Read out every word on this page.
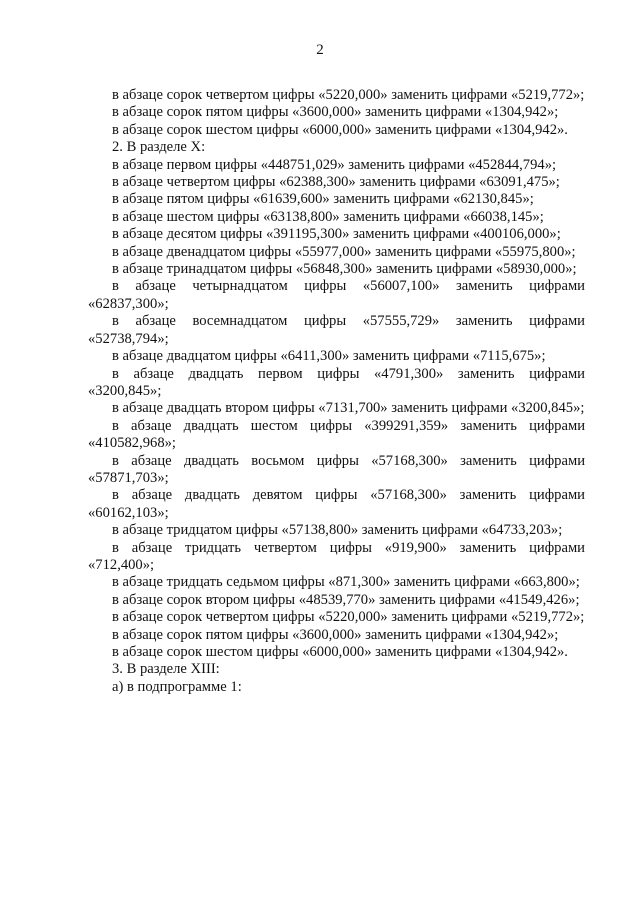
2

в абзаце сорок четвертом цифры «5220,000» заменить цифрами «5219,772»;

в абзаце сорок пятом цифры «3600,000» заменить цифрами «1304,942»;

в абзаце сорок шестом цифры «6000,000» заменить цифрами «1304,942».

2. В разделе X:

в абзаце первом цифры «448751,029» заменить цифрами «452844,794»;

в абзаце четвертом цифры «62388,300» заменить цифрами «63091,475»;

в абзаце пятом цифры «61639,600» заменить цифрами «62130,845»;

в абзаце шестом цифры «63138,800» заменить цифрами «66038,145»;

в абзаце десятом цифры «391195,300» заменить цифрами «400106,000»;

в абзаце двенадцатом цифры «55977,000» заменить цифрами «55975,800»;

в абзаце тринадцатом цифры «56848,300» заменить цифрами «58930,000»;

в абзаце четырнадцатом цифры «56007,100» заменить цифрами «62837,300»;

в абзаце восемнадцатом цифры «57555,729» заменить цифрами «52738,794»;

в абзаце двадцатом цифры «6411,300» заменить цифрами «7115,675»;

в абзаце двадцать первом цифры «4791,300» заменить цифрами «3200,845»;

в абзаце двадцать втором цифры «7131,700» заменить цифрами «3200,845»;

в абзаце двадцать шестом цифры «399291,359» заменить цифрами «410582,968»;

в абзаце двадцать восьмом цифры «57168,300» заменить цифрами «57871,703»;

в абзаце двадцать девятом цифры «57168,300» заменить цифрами «60162,103»;

в абзаце тридцатом цифры «57138,800» заменить цифрами «64733,203»;

в абзаце тридцать четвертом цифры «919,900» заменить цифрами «712,400»;

в абзаце тридцать седьмом цифры «871,300» заменить цифрами «663,800»;

в абзаце сорок втором цифры «48539,770» заменить цифрами «41549,426»;

в абзаце сорок четвертом цифры «5220,000» заменить цифрами «5219,772»;

в абзаце сорок пятом цифры «3600,000» заменить цифрами «1304,942»;

в абзаце сорок шестом цифры «6000,000» заменить цифрами «1304,942».

3. В разделе XIII:

а) в подпрограмме 1:
